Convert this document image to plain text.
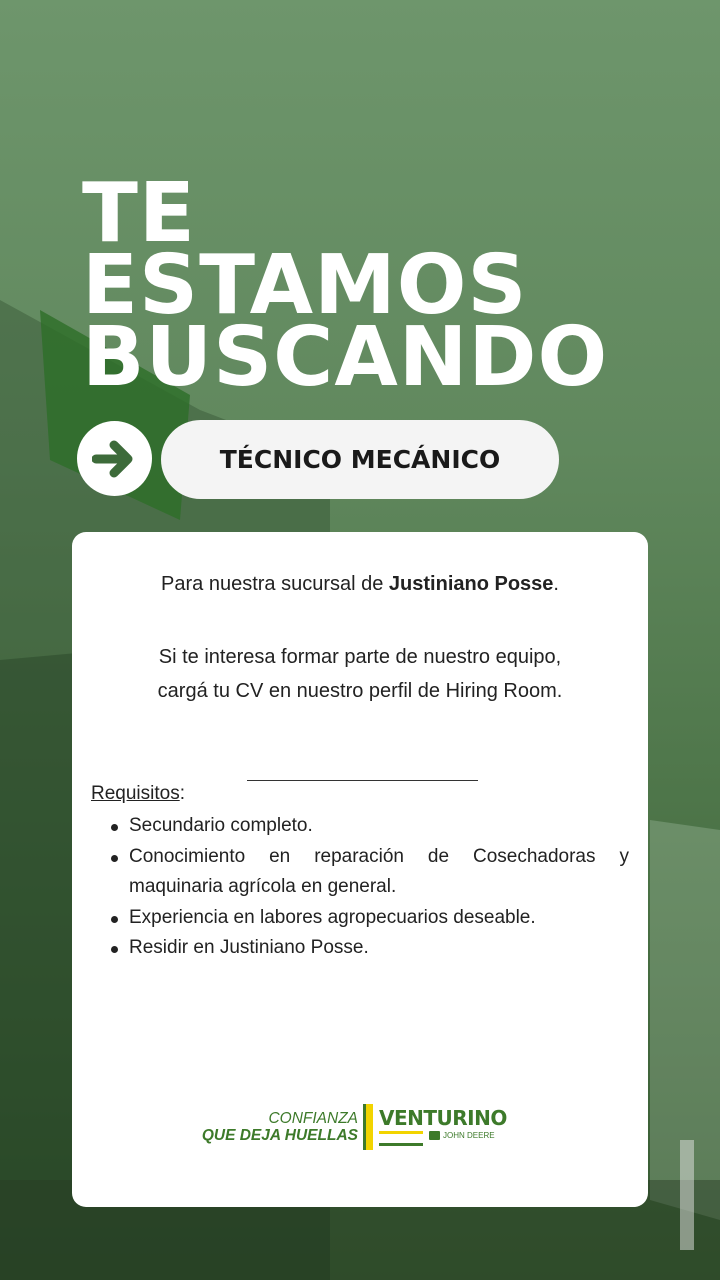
TE
ESTAMOS
BUSCANDO
TÉCNICO MECÁNICO

Para nuestra sucursal de Justiniano Posse.

Si te interesa formar parte de nuestro equipo,
cargá tu CV en nuestro perfil de Hiring Room.

Requisitos:
Secundario completo.
Conocimiento en reparación de Cosechadoras y
maquinaria agrícola en general.
Experiencia en labores agropecuarios deseable.
Residir en Justiniano Posse.
CONFIANZA
QUE DEJA HUELLAS
VENTURINO
JOHN DEERE
